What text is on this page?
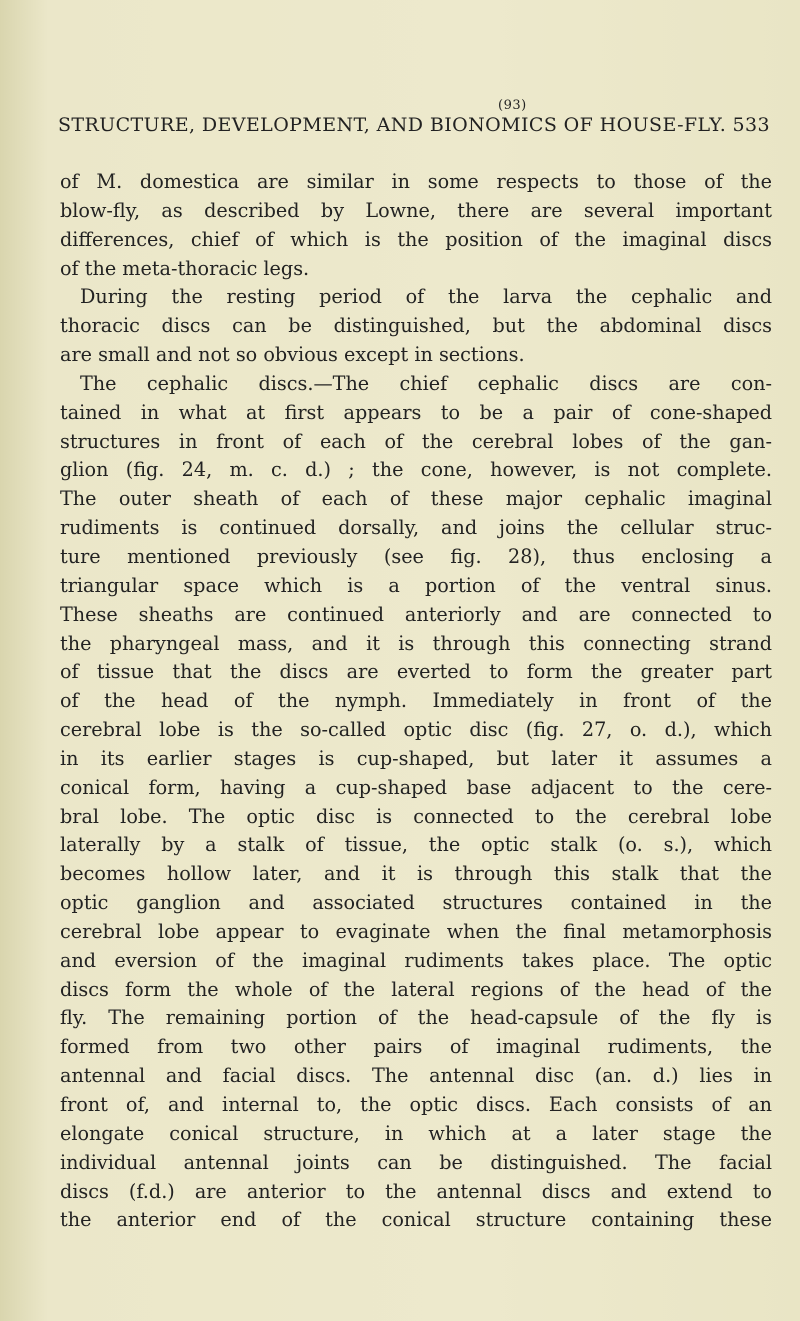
(93)
STRUCTURE, DEVELOPMENT, AND BIONOMICS OF HOUSE-FLY. 533
of M. domestica are similar in some respects to those of the
blow-fly, as described by Lowne, there are several important
differences, chief of which is the position of the imaginal discs
of the meta-thoracic legs.
During the resting period of the larva the cephalic and
thoracic discs can be distinguished, but the abdominal discs
are small and not so obvious except in sections.
The cephalic discs.—The chief cephalic discs are con-
tained in what at first appears to be a pair of cone-shaped
structures in front of each of the cerebral lobes of the gan-
glion (fig. 24, m. c. d.) ; the cone, however, is not complete.
The outer sheath of each of these major cephalic imaginal
rudiments is continued dorsally, and joins the cellular struc-
ture mentioned previously (see fig. 28), thus enclosing a
triangular space which is a portion of the ventral sinus.
These sheaths are continued anteriorly and are connected to
the pharyngeal mass, and it is through this connecting strand
of tissue that the discs are everted to form the greater part
of the head of the nymph. Immediately in front of the
cerebral lobe is the so-called optic disc (fig. 27, o. d.), which
in its earlier stages is cup-shaped, but later it assumes a
conical form, having a cup-shaped base adjacent to the cere-
bral lobe. The optic disc is connected to the cerebral lobe
laterally by a stalk of tissue, the optic stalk (o. s.), which
becomes hollow later, and it is through this stalk that the
optic ganglion and associated structures contained in the
cerebral lobe appear to evaginate when the final metamorphosis
and eversion of the imaginal rudiments takes place. The optic
discs form the whole of the lateral regions of the head of the
fly. The remaining portion of the head-capsule of the fly is
formed from two other pairs of imaginal rudiments, the
antennal and facial discs. The antennal disc (an. d.) lies in
front of, and internal to, the optic discs. Each consists of an
elongate conical structure, in which at a later stage the
individual antennal joints can be distinguished. The facial
discs (f.d.) are anterior to the antennal discs and extend to
the anterior end of the conical structure containing these
